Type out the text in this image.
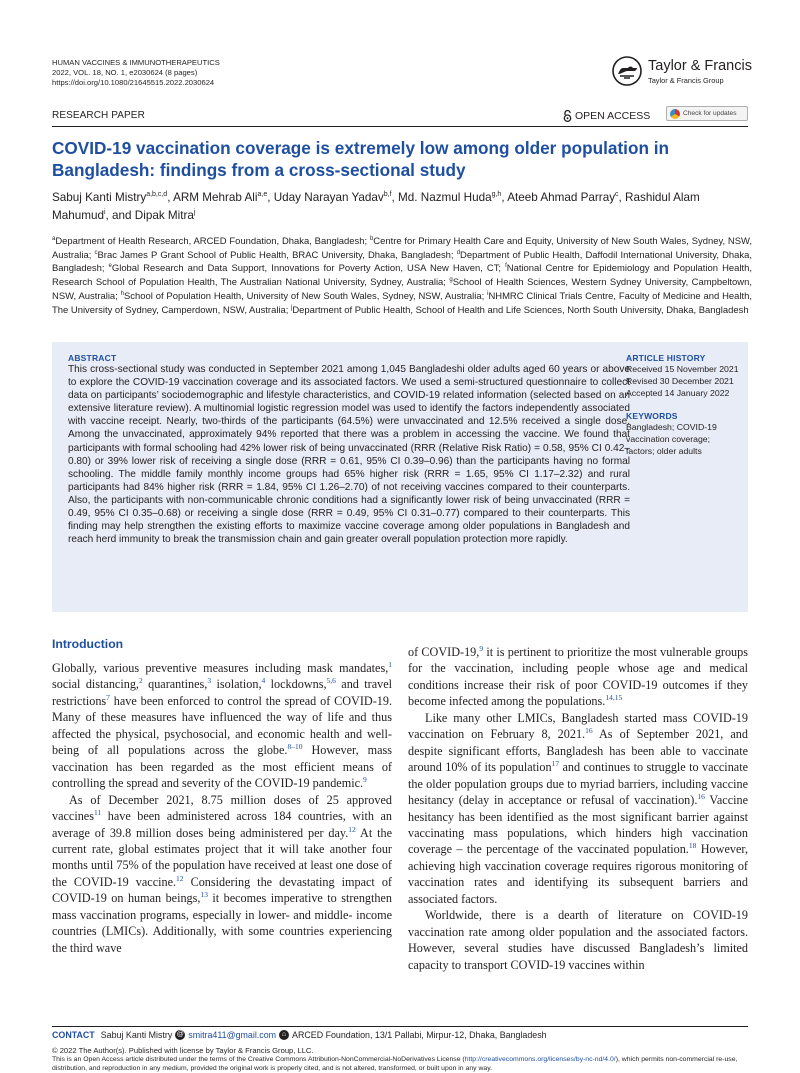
HUMAN VACCINES & IMMUNOTHERAPEUTICS
2022, VOL. 18, NO. 1, e2030624 (8 pages)
https://doi.org/10.1080/21645515.2022.2030624
Taylor & Francis
Taylor & Francis Group
RESEARCH PAPER	OPEN ACCESS	Check for updates
COVID-19 vaccination coverage is extremely low among older population in Bangladesh: findings from a cross-sectional study
Sabuj Kanti Mistry$^{a,b,c,d}$, ARM Mehrab Ali$^{a,e}$, Uday Narayan Yadav$^{b,f}$, Md. Nazmul Huda$^{g,h}$, Ateeb Ahmad Parray$^c$, Rashidul Alam Mahumud$^i$, and Dipak Mitra$^j$
$^a$Department of Health Research, ARCED Foundation, Dhaka, Bangladesh; $^b$Centre for Primary Health Care and Equity, University of New South Wales, Sydney, NSW, Australia; $^c$Brac James P Grant School of Public Health, BRAC University, Dhaka, Bangladesh; $^d$Department of Public Health, Daffodil International University, Dhaka, Bangladesh; $^e$Global Research and Data Support, Innovations for Poverty Action, USA New Haven, CT; $^f$National Centre for Epidemiology and Population Health, Research School of Population Health, The Australian National University, Sydney, Australia; $^g$School of Health Sciences, Western Sydney University, Campbeltown, NSW, Australia; $^h$School of Population Health, University of New South Wales, Sydney, NSW, Australia; $^i$NHMRC Clinical Trials Centre, Faculty of Medicine and Health, The University of Sydney, Camperdown, NSW, Australia; $^j$Department of Public Health, School of Health and Life Sciences, North South University, Dhaka, Bangladesh
ABSTRACT
This cross-sectional study was conducted in September 2021 among 1,045 Bangladeshi older adults aged 60 years or above to explore the COVID-19 vaccination coverage and its associated factors. We used a semi-structured questionnaire to collect data on participants’ sociodemographic and lifestyle characteristics, and COVID-19 related information (selected based on an extensive literature review). A multinomial logistic regression model was used to identify the factors independently associated with vaccine receipt. Nearly, two-thirds of the participants (64.5%) were unvaccinated and 12.5% received a single dose. Among the unvaccinated, approximately 94% reported that there was a problem in accessing the vaccine. We found that participants with formal schooling had 42% lower risk of being unvaccinated (RRR (Relative Risk Ratio) = 0.58, 95% CI 0.42–0.80) or 39% lower risk of receiving a single dose (RRR = 0.61, 95% CI 0.39–0.96) than the participants having no formal schooling. The middle family monthly income groups had 65% higher risk (RRR = 1.65, 95% CI 1.17–2.32) and rural participants had 84% higher risk (RRR = 1.84, 95% CI 1.26–2.70) of not receiving vaccines compared to their counterparts. Also, the participants with non-communicable chronic conditions had a significantly lower risk of being unvaccinated (RRR = 0.49, 95% CI 0.35–0.68) or receiving a single dose (RRR = 0.49, 95% CI 0.31–0.77) compared to their counterparts. This finding may help strengthen the existing efforts to maximize vaccine coverage among older populations in Bangladesh and reach herd immunity to break the transmission chain and gain greater overall population protection more rapidly.
ARTICLE HISTORY
Received 15 November 2021
Revised 30 December 2021
Accepted 14 January 2022
KEYWORDS
Bangladesh; COVID-19
vaccination coverage;
factors; older adults
Introduction

Globally, various preventive measures including mask mandates,$^1$ social distancing,$^2$ quarantines,$^3$ isolation,$^4$ lockdowns,$^{5,6}$ and travel restrictions$^7$ have been enforced to control the spread of COVID-19. Many of these measures have influenced the way of life and thus affected the physical, psychosocial, and economic health and well-being of all populations across the globe.$^{8-10}$ However, mass vaccination has been regarded as the most efficient means of controlling the spread and severity of the COVID-19 pandemic.$^9$

As of December 2021, 8.75 million doses of 25 approved vaccines$^{11}$ have been administered across 184 countries, with an average of 39.8 million doses being administered per day.$^{12}$ At the current rate, global estimates project that it will take another four months until 75% of the population have received at least one dose of the COVID-19 vaccine.$^{12}$ Considering the devastating impact of COVID-19 on human beings,$^{13}$ it becomes imperative to strengthen mass vaccination programs, especially in lower- and middle- income countries (LMICs). Additionally, with some countries experiencing the third wave

of COVID-19,$^9$ it is pertinent to prioritize the most vulnerable groups for the vaccination, including people whose age and medical conditions increase their risk of poor COVID-19 outcomes if they become infected among the populations.$^{14,15}$

Like many other LMICs, Bangladesh started mass COVID-19 vaccination on February 8, 2021.16 As of September 2021, and despite significant efforts, Bangladesh has been able to vaccinate around 10% of its population$^{17}$ and continues to struggle to vaccinate the older population groups due to myriad barriers, including vaccine hesitancy (delay in acceptance or refusal of vaccination).$^{16}$ Vaccine hesitancy has been identified as the most significant barrier against vaccinating mass populations, which hinders high vaccination coverage – the percentage of the vaccinated population.$^{18}$ However, achieving high vaccination coverage requires rigorous monitoring of vaccination rates and identifying its subsequent barriers and associated factors.

Worldwide, there is a dearth of literature on COVID-19 vaccination rate among older population and the associated factors. However, several studies have discussed Bangladesh’s limited capacity to transport COVID-19 vaccines within

CONTACT Sabuj Kanti Mistry @ smitra411@gmail.com ⌂ ARCED Foundation, 13/1 Pallabi, Mirpur-12, Dhaka, Bangladesh
© 2022 The Author(s). Published with license by Taylor & Francis Group, LLC.
This is an Open Access article distributed under the terms of the Creative Commons Attribution-NonCommercial-NoDerivatives License (http://creativecommons.org/licenses/by-nc-nd/4.0/), which permits non-commercial re-use, distribution, and reproduction in any medium, provided the original work is properly cited, and is not altered, transformed, or built upon in any way.
